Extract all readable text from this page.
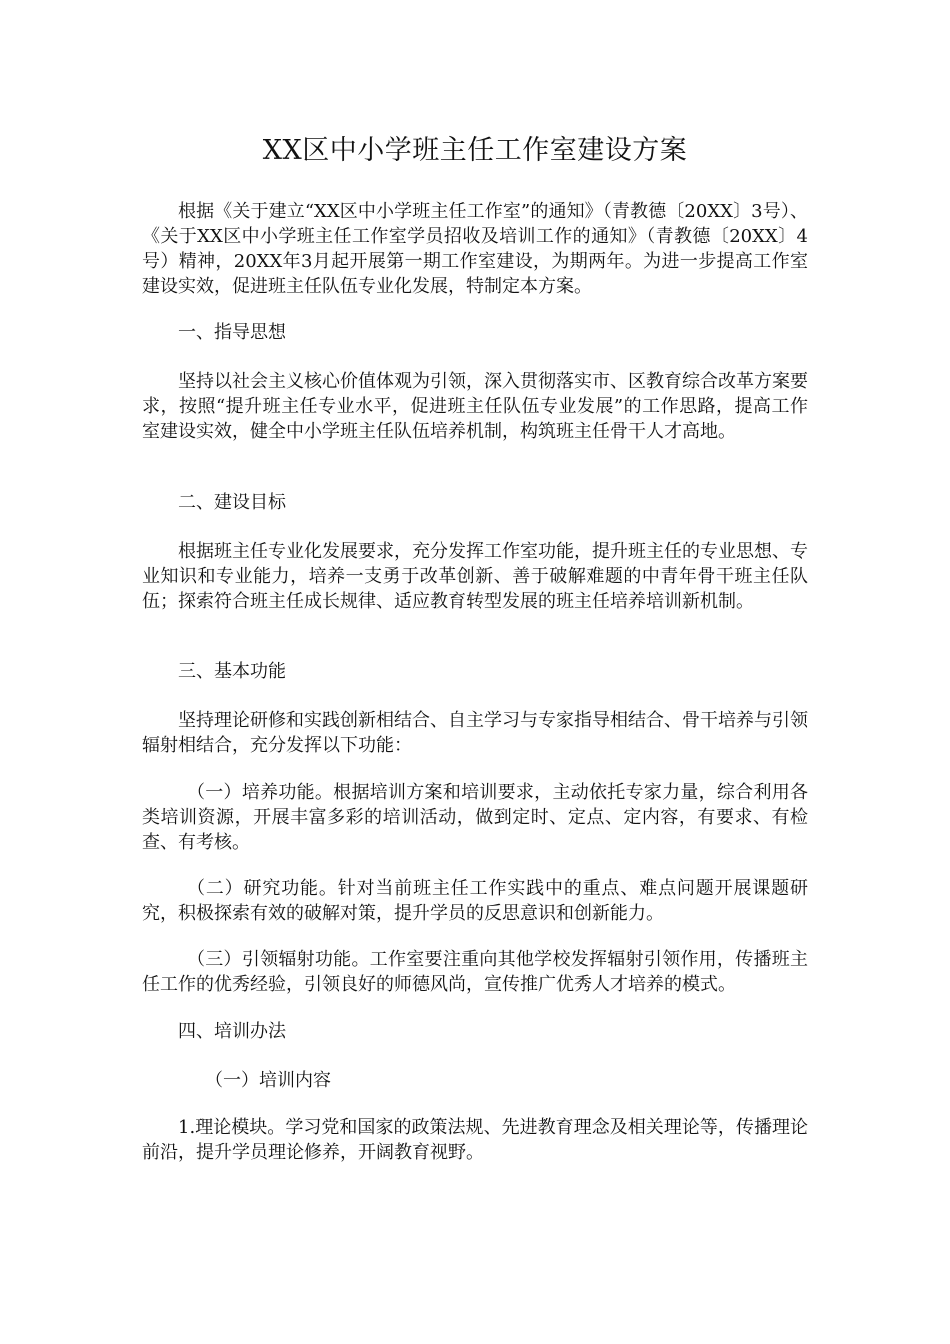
XX区中小学班主任工作室建设方案

根据《关于建立“XX区中小学班主任工作室”的通知》（青教德〔20XX〕3号）、《关于XX区中小学班主任工作室学员招收及培训工作的通知》（青教德〔20XX〕4号）精神，20XX年3月起开展第一期工作室建设，为期两年。为进一步提高工作室建设实效，促进班主任队伍专业化发展，特制定本方案。

一、指导思想

坚持以社会主义核心价值体观为引领，深入贯彻落实市、区教育综合改革方案要求，按照“提升班主任专业水平，促进班主任队伍专业发展”的工作思路，提高工作室建设实效，健全中小学班主任队伍培养机制，构筑班主任骨干人才高地。

二、建设目标

根据班主任专业化发展要求，充分发挥工作室功能，提升班主任的专业思想、专业知识和专业能力，培养一支勇于改革创新、善于破解难题的中青年骨干班主任队伍；探索符合班主任成长规律、适应教育转型发展的班主任培养培训新机制。

三、基本功能

坚持理论研修和实践创新相结合、自主学习与专家指导相结合、骨干培养与引领辐射相结合，充分发挥以下功能：

（一）培养功能。根据培训方案和培训要求，主动依托专家力量，综合利用各类培训资源，开展丰富多彩的培训活动，做到定时、定点、定内容，有要求、有检查、有考核。

（二）研究功能。针对当前班主任工作实践中的重点、难点问题开展课题研究，积极探索有效的破解对策，提升学员的反思意识和创新能力。

（三）引领辐射功能。工作室要注重向其他学校发挥辐射引领作用，传播班主任工作的优秀经验，引领良好的师德风尚，宣传推广优秀人才培养的模式。

四、培训办法

（一）培训内容

1.理论模块。学习党和国家的政策法规、先进教育理念及相关理论等，传播理论前沿，提升学员理论修养，开阔教育视野。
